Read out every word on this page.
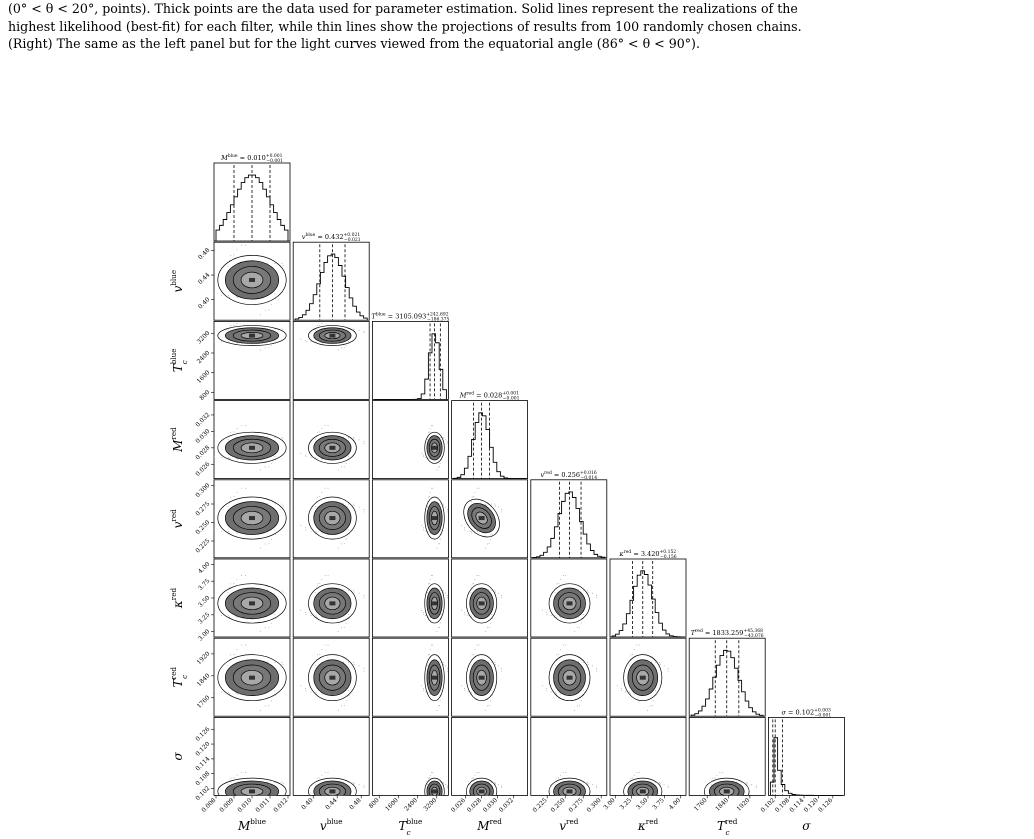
(0° < θ < 20°, points). Thick points are the data used for parameter estimation. Solid lines represent the realizations of the
highest likelihood (best-fit) for each filter, while thin lines show the projections of results from 100 randomly chosen chains.
(Right) The same as the left panel but for the light curves viewed from the equatorial angle (86° < θ < 90°).
$M^{blue} = 0.010^{+0.001} -0.001$
$v^{blue} = 0.432^{+0.021} -0.021$
$T^{blue} = 3105.093^{+242.692} -186.375$
$M^{red} = 0.028^{+0.001} -0.001$
$v^{red} = 0.256^{+0.016} -0.014$
$\kappa^{red} = 3.420^{+0.152} -0.156$
$T^{red} = 1833.259^{+45.368} -43.076$
$\sigma = 0.102^{+0.003} -0.001$
0.008 0.009 0.010 0.011 0.012
$M^{blue}$
0.40 0.44 0.48
$v^{blue}$
800 1600 2400 3200
$T^{blue}$ c
0.026
0.028
0.030
0.032
$M^{red}$
0.225 0.250 0.275 0.300
$v^{red}$
3.00 3.25 3.50 3.75 4.00
$\kappa^{red}$
1760 1840 1920
$T^{red}$ c
0.102
0.108
0.114
0.120
0.126
σ
0.40
0.44
0.48
$v^{blue}$
800
1600
2400
3200
$T^{blue}$ c
0.026
0.028
0.030
0.032
$M^{red}$
0.225
0.250
0.275
0.300
$v^{red}$
3.00
3.25
3.50
3.75
4.00
$\kappa^{red}$
1760
1840
1920
$T^{red}$ c
0.102
0.108
0.114
0.120
0.126
σ
